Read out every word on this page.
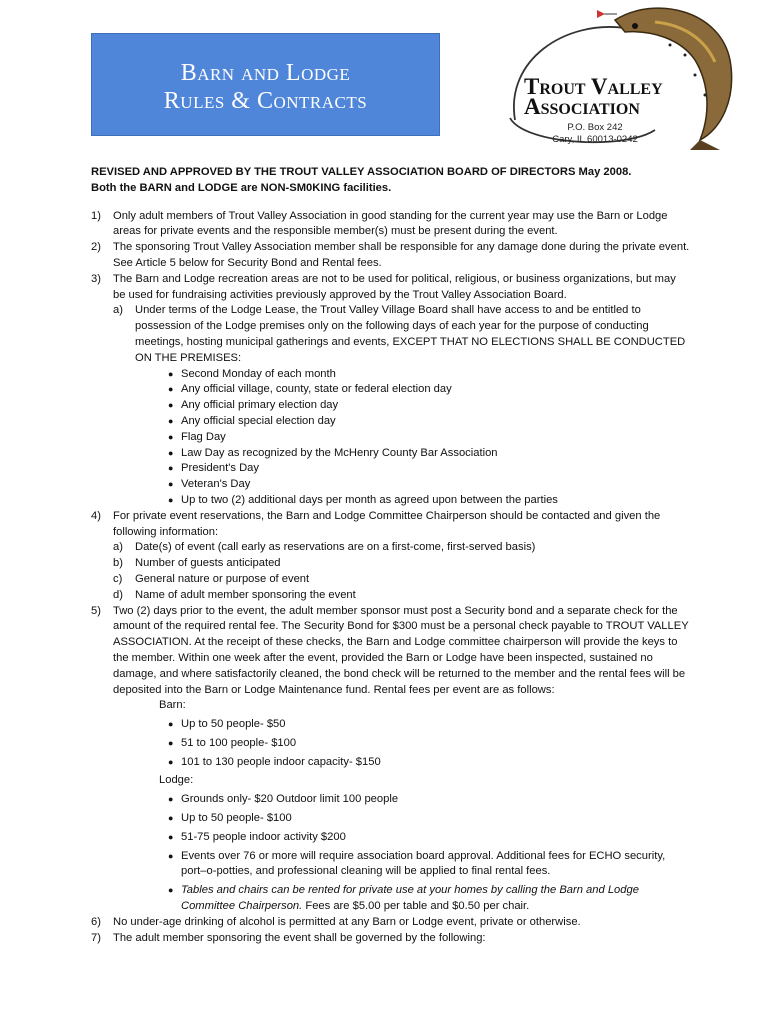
Barn and Lodge
Rules & Contracts
Trout Valley
Association
P.O. Box 242
Cary, IL 60013-0242
REVISED AND APPROVED BY THE TROUT VALLEY ASSOCIATION BOARD OF DIRECTORS May 2008.
Both the BARN and LODGE are NON-SM0KING facilities.
1) Only adult members of Trout Valley Association in good standing for the current year may use the Barn or Lodge areas for private events and the responsible member(s) must be present during the event.
2) The sponsoring Trout Valley Association member shall be responsible for any damage done during the private event. See Article 5 below for Security Bond and Rental fees.
3) The Barn and Lodge recreation areas are not to be used for political, religious, or business organizations, but may be used for fundraising activities previously approved by the Trout Valley Association Board.
a) Under terms of the Lodge Lease, the Trout Valley Village Board shall have access to and be entitled to possession of the Lodge premises only on the following days of each year for the purpose of conducting meetings, hosting municipal gatherings and events, EXCEPT THAT NO ELECTIONS SHALL BE CONDUCTED ON THE PREMISES:
● Second Monday of each month
● Any official village, county, state or federal election day
● Any official primary election day
● Any official special election day
● Flag Day
● Law Day as recognized by the McHenry County Bar Association
● President's Day
● Veteran's Day
● Up to two (2) additional days per month as agreed upon between the parties
4) For private event reservations, the Barn and Lodge Committee Chairperson should be contacted and given the following information:
a) Date(s) of event (call early as reservations are on a first-come, first-served basis)
b) Number of guests anticipated
c) General nature or purpose of event
d) Name of adult member sponsoring the event
5) Two (2) days prior to the event, the adult member sponsor must post a Security bond and a separate check for the amount of the required rental fee. The Security Bond for $300 must be a personal check payable to TROUT VALLEY ASSOCIATION. At the receipt of these checks, the Barn and Lodge committee chairperson will provide the keys to the member. Within one week after the event, provided the Barn or Lodge have been inspected, sustained no damage, and where satisfactorily cleaned, the bond check will be returned to the member and the rental fees will be deposited into the Barn or Lodge Maintenance fund. Rental fees per event are as follows:
Barn:
● Up to 50 people- $50
● 51 to 100 people- $100
● 101 to 130 people indoor capacity- $150
Lodge:
● Grounds only- $20 Outdoor limit 100 people
● Up to 50 people- $100
● 51-75 people indoor activity $200
● Events over 76 or more will require association board approval. Additional fees for ECHO security, port–o-potties, and professional cleaning will be applied to final rental fees.
● Tables and chairs can be rented for private use at your homes by calling the Barn and Lodge Committee Chairperson. Fees are $5.00 per table and $0.50 per chair.
6) No under-age drinking of alcohol is permitted at any Barn or Lodge event, private or otherwise.
7) The adult member sponsoring the event shall be governed by the following:
